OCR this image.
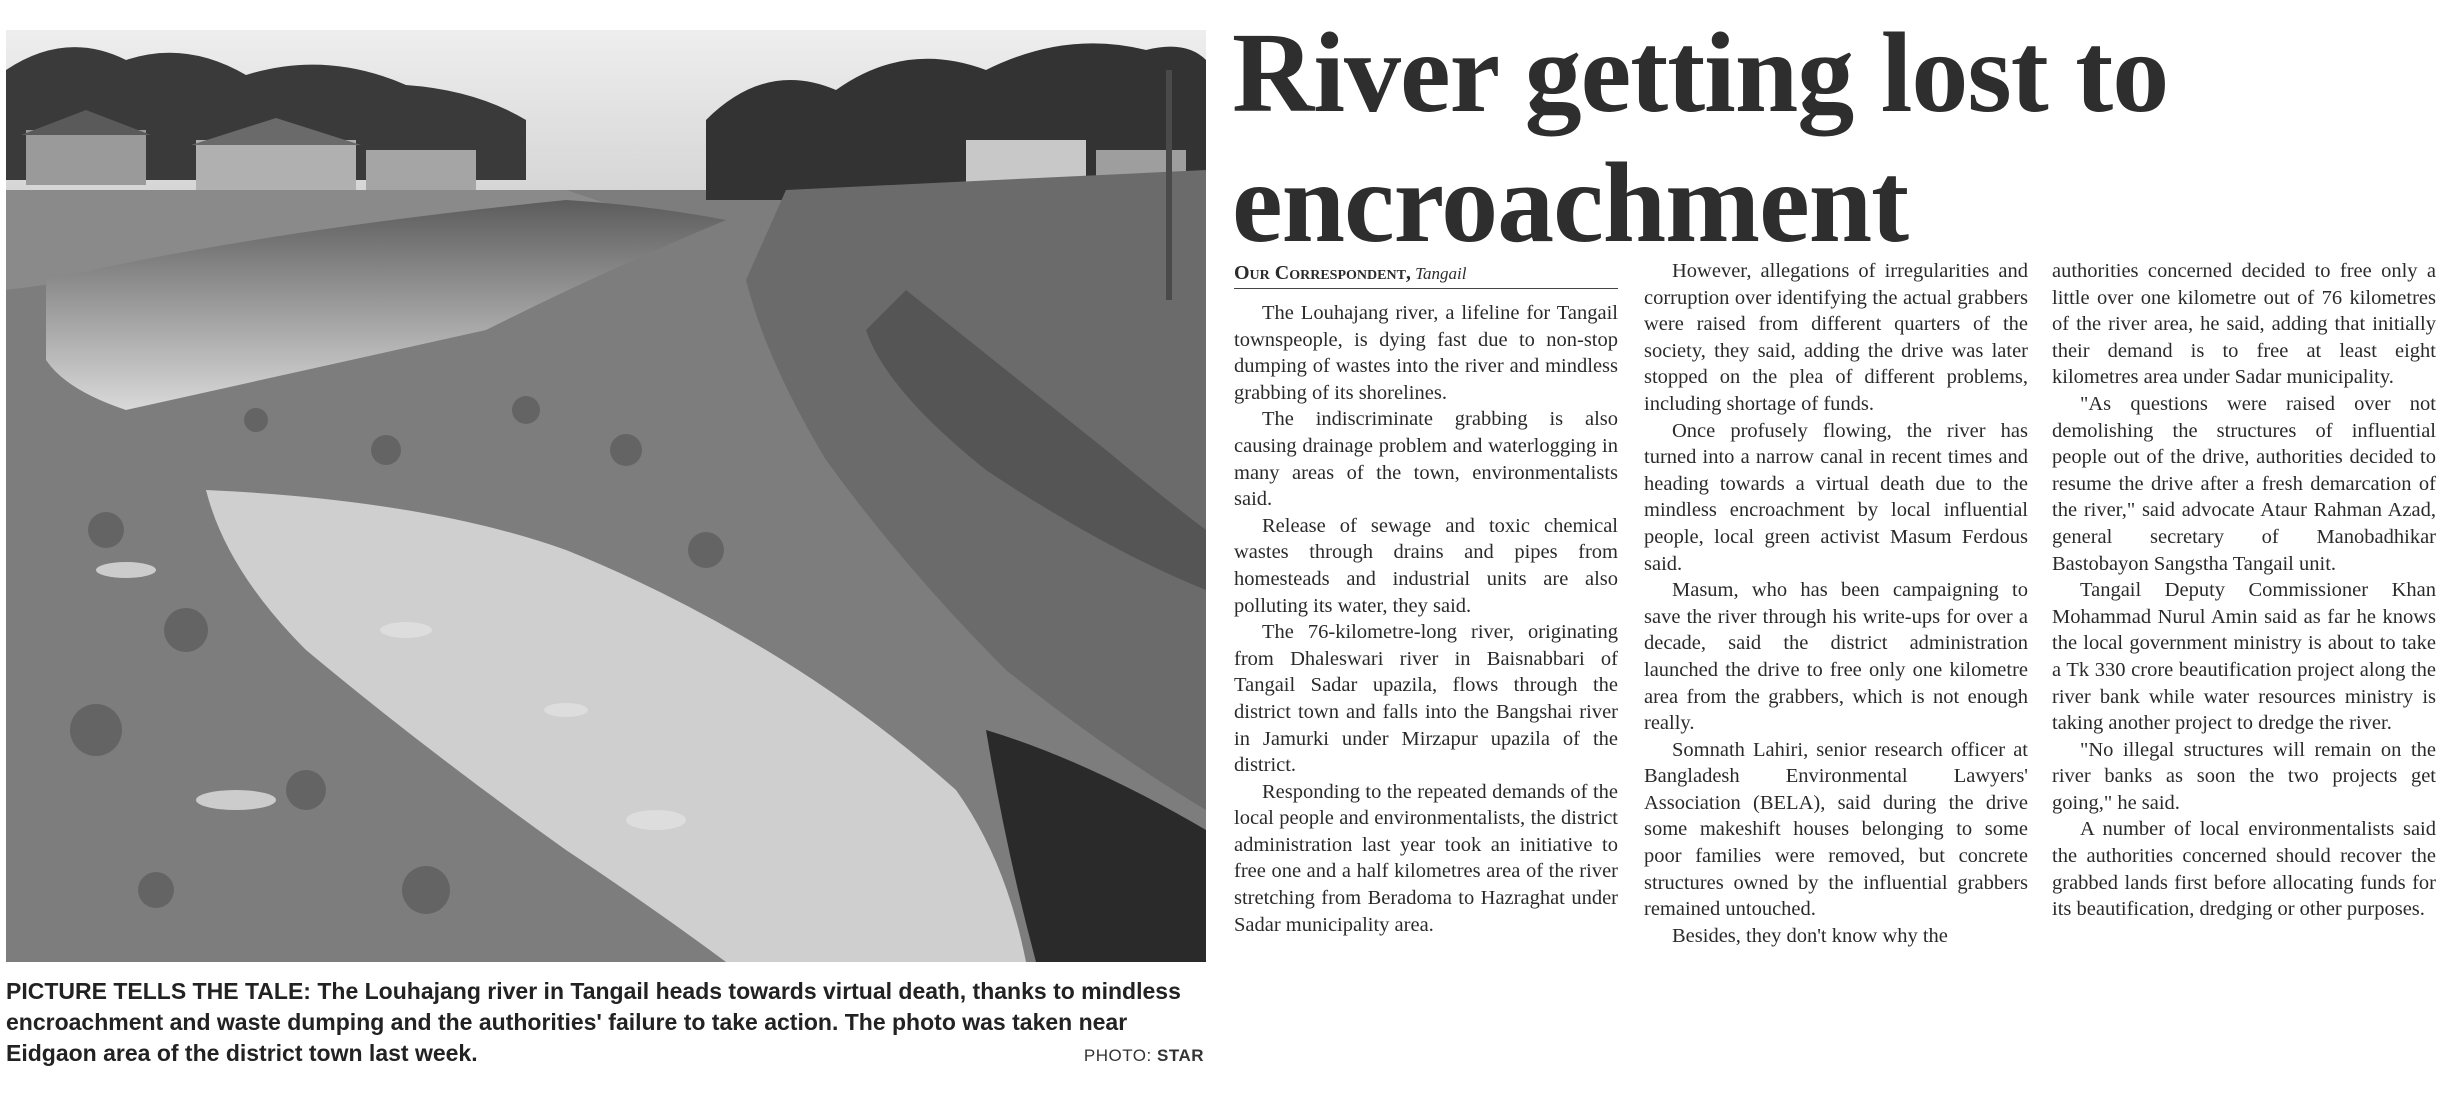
PICTURE TELLS THE TALE: The Louhajang river in Tangail heads towards virtual death, thanks to mindless encroachment and waste dumping and the authorities' failure to take action. The photo was taken near Eidgaon area of the district town last week.	PHOTO: STAR
River getting lost to encroachment
Our Correspondent, Tangail

The Louhajang river, a lifeline for Tangail townspeople, is dying fast due to non-stop dumping of wastes into the river and mindless grabbing of its shorelines.

The indiscriminate grabbing is also causing drainage problem and waterlogging in many areas of the town, environmentalists said.

Release of sewage and toxic chemical wastes through drains and pipes from homesteads and industrial units are also polluting its water, they said.

The 76-kilometre-long river, originating from Dhaleswari river in Baisnabbari of Tangail Sadar upazila, flows through the district town and falls into the Bangshai river in Jamurki under Mirzapur upazila of the district.

Responding to the repeated demands of the local people and environmentalists, the district administration last year took an initiative to free one and a half kilometres area of the river stretching from Beradoma to Hazraghat under Sadar municipality area.

However, allegations of irregularities and corruption over identifying the actual grabbers were raised from different quarters of the society, they said, adding the drive was later stopped on the plea of different problems, including shortage of funds.

Once profusely flowing, the river has turned into a narrow canal in recent times and heading towards a virtual death due to the mindless encroachment by local influential people, local green activist Masum Ferdous said.

Masum, who has been campaigning to save the river through his write-ups for over a decade, said the district administration launched the drive to free only one kilometre area from the grabbers, which is not enough really.

Somnath Lahiri, senior research officer at Bangladesh Environmental Lawyers' Association (BELA), said during the drive some makeshift houses belonging to some poor families were removed, but concrete structures owned by the influential grabbers remained untouched.

Besides, they don't know why the

authorities concerned decided to free only a little over one kilometre out of 76 kilometres of the river area, he said, adding that initially their demand is to free at least eight kilometres area under Sadar municipality.

"As questions were raised over not demolishing the structures of influential people out of the drive, authorities decided to resume the drive after a fresh demarcation of the river," said advocate Ataur Rahman Azad, general secretary of Manobadhikar Bastobayon Sangstha Tangail unit.

Tangail Deputy Commissioner Khan Mohammad Nurul Amin said as far he knows the local government ministry is about to take a Tk 330 crore beautification project along the river bank while water resources ministry is taking another project to dredge the river.

"No illegal structures will remain on the river banks as soon the two projects get going," he said.

A number of local environmentalists said the authorities concerned should recover the grabbed lands first before allocating funds for its beautification, dredging or other purposes.
